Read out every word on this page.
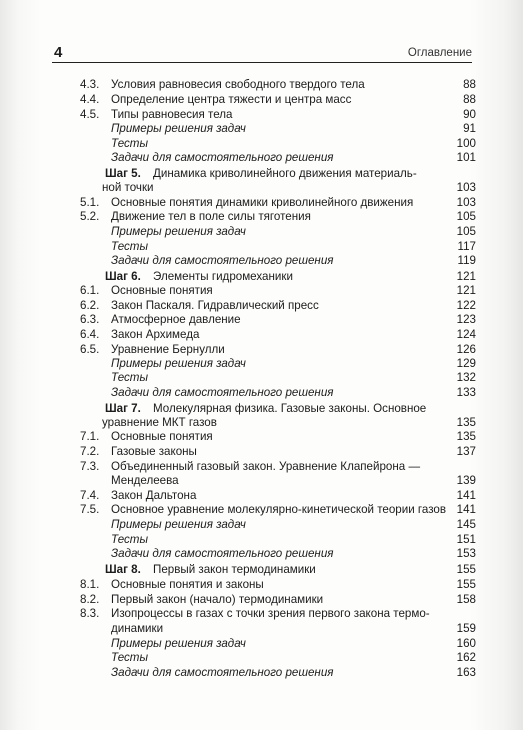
4	Оглавление
4.3. Условия равновесия свободного твердого тела	88
4.4. Определение центра тяжести и центра масс	88
4.5. Типы равновесия тела	90
Примеры решения задач	91
Тесты	100
Задачи для самостоятельного решения	101
Шаг 5. Динамика криволинейного движения материаль-
ной точки	103
5.1. Основные понятия динамики криволинейного движения	103
5.2. Движение тел в поле силы тяготения	105
Примеры решения задач	105
Тесты	117
Задачи для самостоятельного решения	119
Шаг 6. Элементы гидромеханики	121
6.1. Основные понятия	121
6.2. Закон Паскаля. Гидравлический пресс	122
6.3. Атмосферное давление	123
6.4. Закон Архимеда	124
6.5. Уравнение Бернулли	126
Примеры решения задач	129
Тесты	132
Задачи для самостоятельного решения	133
Шаг 7. Молекулярная физика. Газовые законы. Основное
уравнение МКТ газов	135
7.1. Основные понятия	135
7.2. Газовые законы	137
7.3. Объединенный газовый закон. Уравнение Клапейрона —
Менделеева	139
7.4. Закон Дальтона	141
7.5. Основное уравнение молекулярно-кинетической теории газов 141
Примеры решения задач	145
Тесты	151
Задачи для самостоятельного решения	153
Шаг 8. Первый закон термодинамики	155
8.1. Основные понятия и законы	155
8.2. Первый закон (начало) термодинамики	158
8.3. Изопроцессы в газах с точки зрения первого закона термо-
динамики	159
Примеры решения задач	160
Тесты	162
Задачи для самостоятельного решения	163
